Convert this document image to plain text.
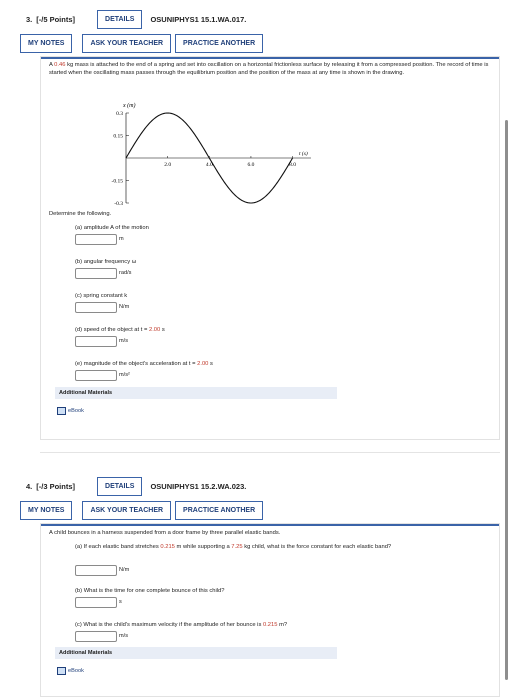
3. [-/5 Points]	DETAILS	OSUNIPHYS1 15.1.WA.017.
MY NOTES	ASK YOUR TEACHER	PRACTICE ANOTHER
A 0.46 kg mass is attached to the end of a spring and set into oscillation on a horizontal frictionless surface by releasing it from a compressed position. The record of time is started when the oscillating mass passes through the equilibrium position and the position of the mass at any time is shown in the drawing.
x (m)
0.3
0.15
-0.15
-0.3
2.0	4.0	6.0	8.0
t (s)
Determine the following.
(a) amplitude A of the motion
m
(b) angular frequency ω
rad/s
(c) spring constant k
N/m
(d) speed of the object at t = 2.00 s
m/s
(e) magnitude of the object's acceleration at t = 2.00 s
m/s²
Additional Materials
eBook
4. [-/3 Points]	DETAILS	OSUNIPHYS1 15.2.WA.023.
MY NOTES	ASK YOUR TEACHER	PRACTICE ANOTHER
A child bounces in a harness suspended from a door frame by three parallel elastic bands.
(a) If each elastic band stretches 0.215 m while supporting a 7.25 kg child, what is the force constant for each elastic band?
N/m
(b) What is the time for one complete bounce of this child?
s
(c) What is the child's maximum velocity if the amplitude of her bounce is 0.215 m?
m/s
Additional Materials
eBook
